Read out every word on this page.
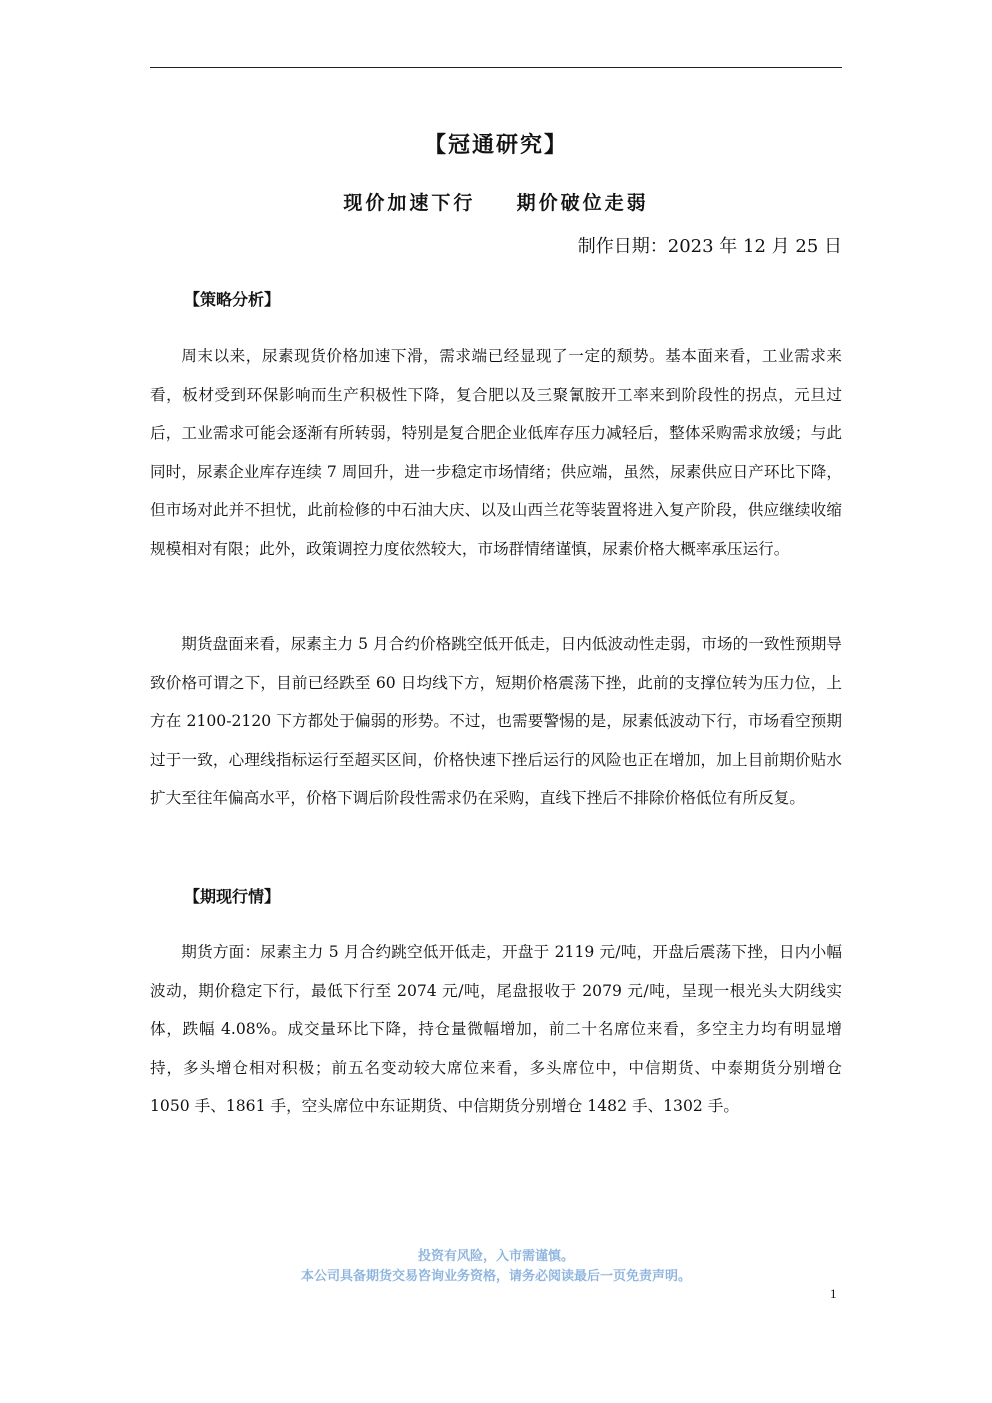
【冠通研究】
现价加速下行　  期价破位走弱
制作日期：2023 年 12 月 25 日
【策略分析】

周末以来，尿素现货价格加速下滑，需求端已经显现了一定的颓势。基本面来看，工业需求来看，板材受到环保影响而生产积极性下降，复合肥以及三聚氰胺开工率来到阶段性的拐点，元旦过后，工业需求可能会逐渐有所转弱，特别是复合肥企业低库存压力减轻后，整体采购需求放缓；与此同时，尿素企业库存连续 7 周回升，进一步稳定市场情绪；供应端，虽然，尿素供应日产环比下降，但市场对此并不担忧，此前检修的中石油大庆、以及山西兰花等装置将进入复产阶段，供应继续收缩规模相对有限；此外，政策调控力度依然较大，市场群情绪谨慎，尿素价格大概率承压运行。

期货盘面来看，尿素主力 5 月合约价格跳空低开低走，日内低波动性走弱，市场的一致性预期导致价格可谓之下，目前已经跌至 60 日均线下方，短期价格震荡下挫，此前的支撑位转为压力位，上方在 2100-2120 下方都处于偏弱的形势。不过，也需要警惕的是，尿素低波动下行，市场看空预期过于一致，心理线指标运行至超买区间，价格快速下挫后运行的风险也正在增加，加上目前期价贴水扩大至往年偏高水平，价格下调后阶段性需求仍在采购，直线下挫后不排除价格低位有所反复。

【期现行情】

期货方面：尿素主力 5 月合约跳空低开低走，开盘于 2119 元/吨，开盘后震荡下挫，日内小幅波动，期价稳定下行，最低下行至 2074 元/吨，尾盘报收于 2079 元/吨，呈现一根光头大阴线实体，跌幅 4.08%。成交量环比下降，持仓量微幅增加，前二十名席位来看，多空主力均有明显增持，多头增仓相对积极；前五名变动较大席位来看，多头席位中，中信期货、中泰期货分别增仓 1050 手、1861 手，空头席位中东证期货、中信期货分别增仓 1482 手、1302 手。

投资有风险，入市需谨慎。
本公司具备期货交易咨询业务资格，请务必阅读最后一页免责声明。
1
